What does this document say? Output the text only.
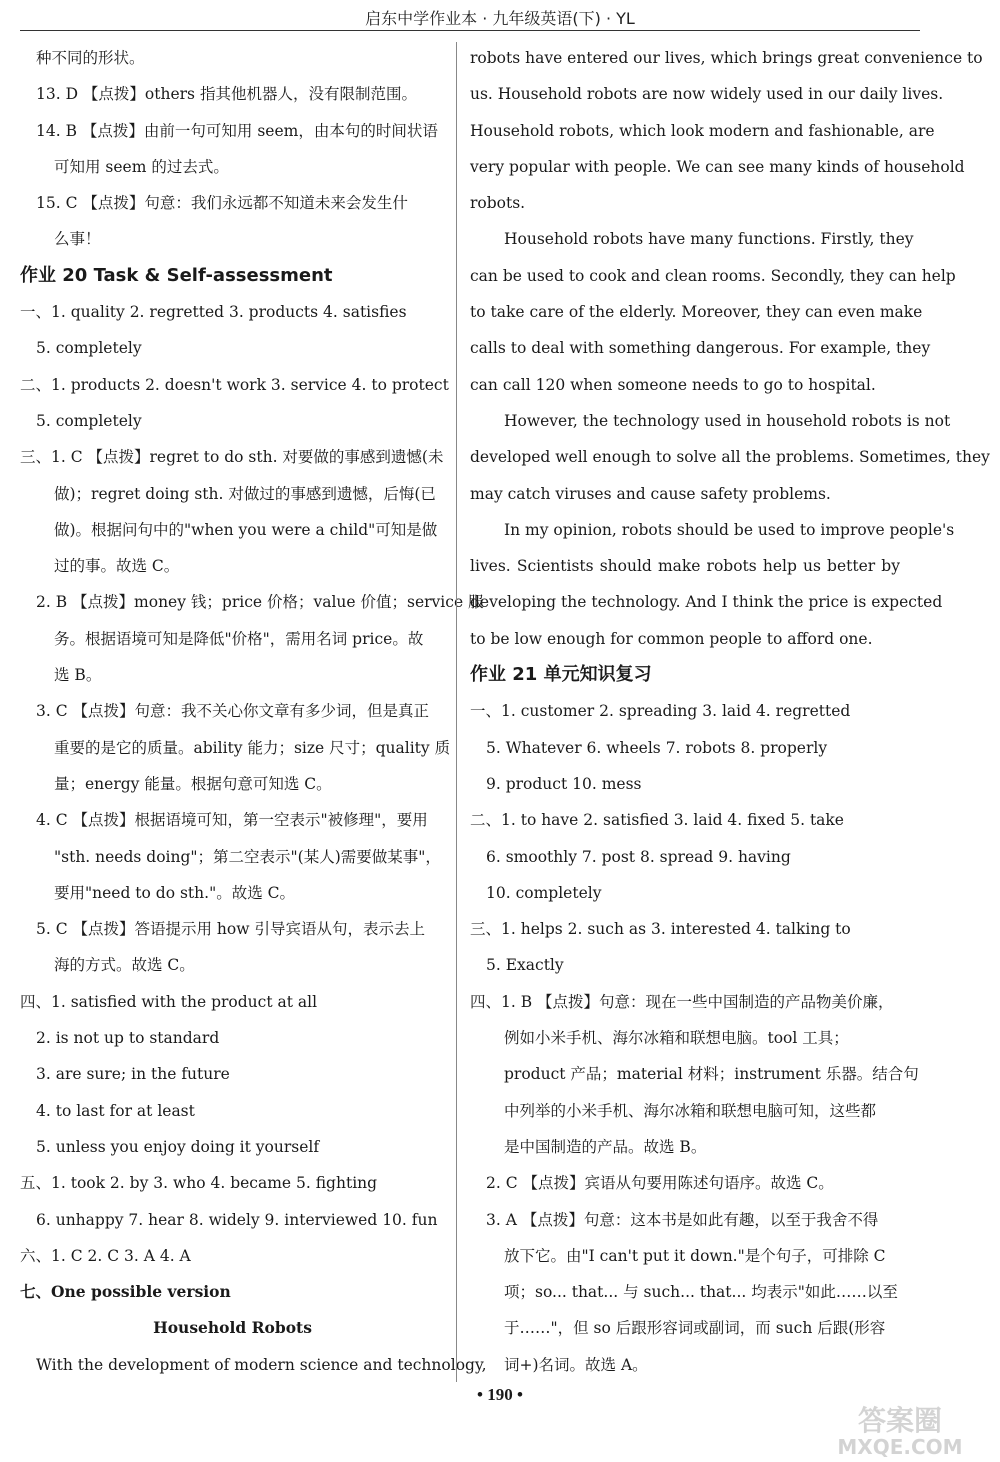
启东中学作业本 · 九年级英语(下) · YL
种不同的形状。
13. D 【点拨】others 指其他机器人，没有限制范围。
14. B 【点拨】由前一句可知用 seem，由本句的时间状语
可知用 seem 的过去式。
15. C 【点拨】句意：我们永远都不知道未来会发生什
么事！
作业 20 Task & Self-assessment
一、1. quality 2. regretted 3. products 4. satisfies
5. completely
二、1. products 2. doesn't work 3. service 4. to protect
5. completely
三、1. C 【点拨】regret to do sth. 对要做的事感到遗憾(未
做)；regret doing sth. 对做过的事感到遗憾，后悔(已
做)。根据问句中的"when you were a child"可知是做
过的事。故选 C。
2. B 【点拨】money 钱；price 价格；value 价值；service 服
务。根据语境可知是降低"价格"，需用名词 price。故
选 B。
3. C 【点拨】句意：我不关心你文章有多少词，但是真正
重要的是它的质量。ability 能力；size 尺寸；quality 质
量；energy 能量。根据句意可知选 C。
4. C 【点拨】根据语境可知，第一空表示"被修理"，要用
"sth. needs doing"；第二空表示"(某人)需要做某事"，
要用"need to do sth."。故选 C。
5. C 【点拨】答语提示用 how 引导宾语从句，表示去上
海的方式。故选 C。
四、1. satisfied with the product at all
2. is not up to standard
3. are sure; in the future
4. to last for at least
5. unless you enjoy doing it yourself
五、1. took 2. by 3. who 4. became 5. fighting
6. unhappy 7. hear 8. widely 9. interviewed 10. fun
六、1. C 2. C 3. A 4. A
七、One possible version
Household Robots
With the development of modern science and technology,
robots have entered our lives, which brings great convenience to
us. Household robots are now widely used in our daily lives.
Household robots, which look modern and fashionable, are
very popular with people. We can see many kinds of household
robots.
Household robots have many functions. Firstly, they
can be used to cook and clean rooms. Secondly, they can help
to take care of the elderly. Moreover, they can even make
calls to deal with something dangerous. For example, they
can call 120 when someone needs to go to hospital.
However, the technology used in household robots is not
developed well enough to solve all the problems. Sometimes, they
may catch viruses and cause safety problems.
In my opinion, robots should be used to improve people's
lives. Scientists should make robots help us better by
developing the technology. And I think the price is expected
to be low enough for common people to afford one.
作业 21 单元知识复习
一、1. customer 2. spreading 3. laid 4. regretted
5. Whatever 6. wheels 7. robots 8. properly
9. product 10. mess
二、1. to have 2. satisfied 3. laid 4. fixed 5. take
6. smoothly 7. post 8. spread 9. having
10. completely
三、1. helps 2. such as 3. interested 4. talking to
5. Exactly
四、1. B 【点拨】句意：现在一些中国制造的产品物美价廉，
例如小米手机、海尔冰箱和联想电脑。tool 工具；
product 产品；material 材料；instrument 乐器。结合句
中列举的小米手机、海尔冰箱和联想电脑可知，这些都
是中国制造的产品。故选 B。
2. C 【点拨】宾语从句要用陈述句语序。故选 C。
3. A 【点拨】句意：这本书是如此有趣，以至于我舍不得
放下它。由"I can't put it down."是个句子，可排除 C
项；so... that... 与 such... that... 均表示"如此……以至
于……"，但 so 后跟形容词或副词，而 such 后跟(形容
词+)名词。故选 A。
• 190 •
答案圈
MXQE.COM
